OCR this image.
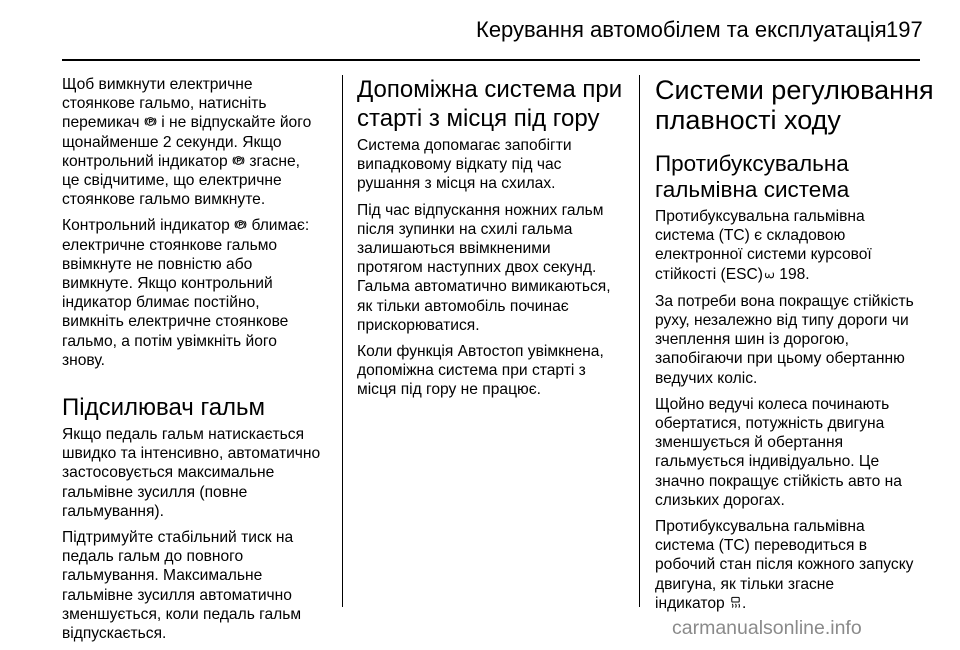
Керування автомобілем та експлуатація 197
Щоб вимкнути електричне
стоянкове гальмо, натисніть
перемикач
і не відпускайте його
щонайменше 2 секунди. Якщо
контрольний індикатор
згасне,
це свідчитиме, що електричне
стоянкове гальмо вимкнуте.
Контрольний індикатор
блимає:
електричне стоянкове гальмо
ввімкнуте не повністю або
вимкнуте. Якщо контрольний
індикатор блимає постійно,
вимкніть електричне стоянкове
гальмо, а потім увімкніть його
знову.
Підсилювач гальм
Якщо педаль гальм натискається
швидко та інтенсивно, автоматично
застосовується максимальне
гальмівне зусилля (повне
гальмування).
Підтримуйте стабільний тиск на
педаль гальм до повного
гальмування. Максимальне
гальмівне зусилля автоматично
зменшується, коли педаль гальм
відпускається.
Допоміжна система при
старті з місця під гору
Система допомагає запобігти
випадковому відкату під час
рушання з місця на схилах.
Під час відпускання ножних гальм
після зупинки на схилі гальма
залишаються ввімкненими
протягом наступних двох секунд.
Гальма автоматично вимикаються,
як тільки автомобіль починає
прискорюватися.
Коли функція Автостоп увімкнена,
допоміжна система при старті з
місця під гору не працює.
Системи регулювання
плавності ходу
Протибуксувальна
гальмівна система
Протибуксувальна гальмівна
система (TC) є складовою
електронної системи курсової
стійкості (ESC) 3 198.
За потреби вона покращує стійкість
руху, незалежно від типу дороги чи
зчеплення шин із дорогою,
запобігаючи при цьому обертанню
ведучих коліс.
Щойно ведучі колеса починають
обертатися, потужність двигуна
зменшується й обертання
гальмується індивідуально. Це
значно покращує стійкість авто на
слизьких дорогах.
Протибуксувальна гальмівна
система (TC) переводиться в
робочий стан після кожного запуску
двигуна, як тільки згасне
індикатор
.
carmanualsonline.info
